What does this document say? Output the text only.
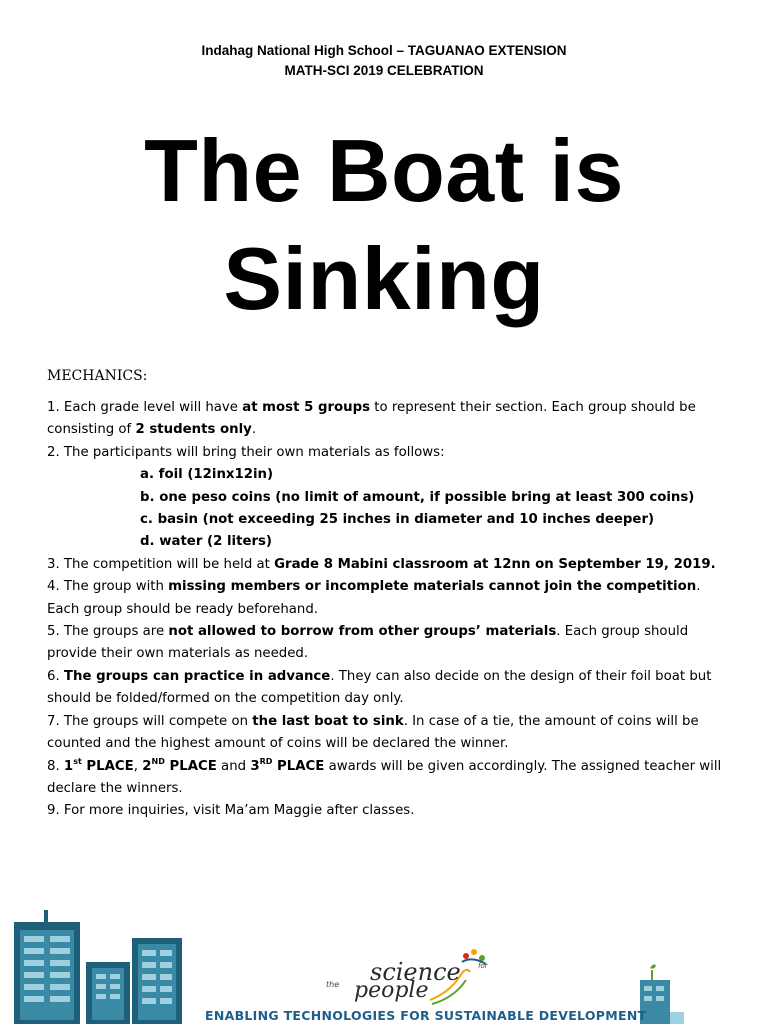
Indahag National High School – TAGUANAO EXTENSION
MATH-SCI 2019 CELEBRATION
The Boat is
Sinking
MECHANICS:

1. Each grade level will have at most 5 groups to represent their section. Each group should be consisting of 2 students only.

2. The participants will bring their own materials as follows:

a. foil (12inx12in)

b. one peso coins (no limit of amount, if possible bring at least 300 coins)

c. basin (not exceeding 25 inches in diameter and 10 inches deeper)

d. water (2 liters)

3. The competition will be held at Grade 8 Mabini classroom at 12nn on September 19, 2019.

4. The group with missing members or incomplete materials cannot join the competition. Each group should be ready beforehand.

5. The groups are not allowed to borrow from other groups’ materials. Each group should provide their own materials as needed.

6. The groups can practice in advance. They can also decide on the design of their foil boat but should be folded/formed on the competition day only.

7. The groups will compete on the last boat to sink. In case of a tie, the amount of coins will be counted and the highest amount of coins will be declared the winner.

8. 1st PLACE, 2ND PLACE and 3RD PLACE awards will be given accordingly. The assigned teacher will declare the winners.

9. For more inquiries, visit Ma’am Maggie after classes.

science
the people
for
ENABLING TECHNOLOGIES FOR SUSTAINABLE DEVELOPMENT
